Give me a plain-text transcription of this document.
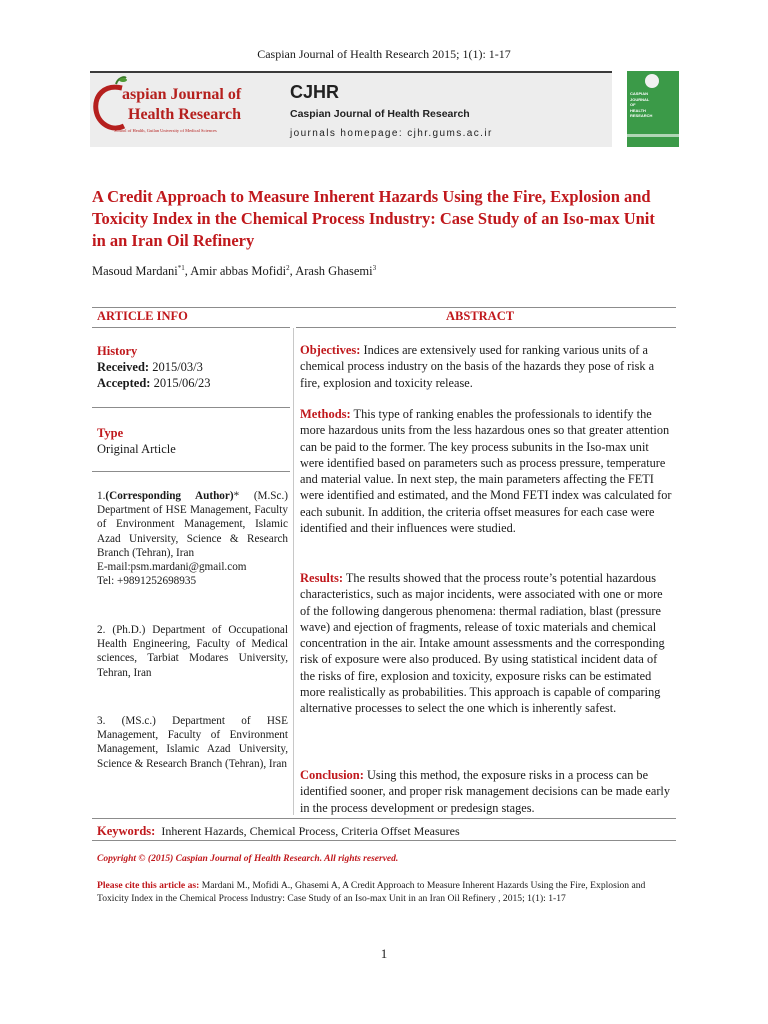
Caspian Journal of Health Research 2015; 1(1): 1-17
aspian Journal of
Health Research
School of Health, Guilan University of Medical Sciences
CJHR
Caspian Journal of Health Research
journals homepage: cjhr.gums.ac.ir
CASPIAN
JOURNAL
OF
HEALTH
RESEARCH
A Credit Approach to Measure Inherent Hazards Using the Fire, Explosion and Toxicity Index in the Chemical Process Industry: Case Study of an Iso-max Unit in an Iran Oil Refinery
Masoud Mardani$^{*1}$, Amir abbas Mofidi$^2$, Arash Ghasemi$^3$
ARTICLE INFO	ABSTRACT
History
Received: 2015/03/3
Accepted: 2015/06/23
Type
Original Article
1.(Corresponding Author)* (M.Sc.) Department of HSE Management, Faculty of Environment Management, Islamic Azad University, Science & Research Branch (Tehran), Iran
E-mail:psm.mardani@gmail.com
Tel: +9891252698935
2. (Ph.D.) Department of Occupational Health Engineering, Faculty of Medical sciences, Tarbiat Modares University, Tehran, Iran
3. (MS.c.) Department of HSE Management, Faculty of Environment Management, Islamic Azad University, Science & Research Branch (Tehran), Iran
Objectives: Indices are extensively used for ranking various units of a chemical process industry on the basis of the hazards they pose of risk a fire, explosion and toxicity release.
Methods: This type of ranking enables the professionals to identify the more hazardous units from the less hazardous ones so that greater attention can be paid to the former. The key process subunits in the Iso-max unit were identified based on parameters such as process pressure, temperature and material value. In next step, the main parameters affecting the FETI were identified and estimated, and the Mond FETI index was calculated for each subunit. In addition, the criteria offset measures for each case were identified and their influences were studied.
Results: The results showed that the process route’s potential hazardous characteristics, such as major incidents, were associated with one or more of the following dangerous phenomena: thermal radiation, blast (pressure wave) and ejection of fragments, release of toxic materials and chemical concentration in the air. Intake amount assessments and the corresponding risk of exposure were also produced. By using statistical incident data of the risks of fire, explosion and toxicity, exposure risks can be estimated more realistically as probabilities. This approach is capable of comparing alternative processes to select the one which is inherently safest.
Conclusion: Using this method, the exposure risks in a process can be identified sooner, and proper risk management decisions can be made early in the process development or predesign stages.
Keywords: Inherent Hazards, Chemical Process, Criteria Offset Measures
Copyright © (2015) Caspian Journal of Health Research. All rights reserved.
Please cite this article as: Mardani M., Mofidi A., Ghasemi A, A Credit Approach to Measure Inherent Hazards Using the Fire, Explosion and Toxicity Index in the Chemical Process Industry: Case Study of an Iso-max Unit in an Iran Oil Refinery , 2015; 1(1): 1-17
1
